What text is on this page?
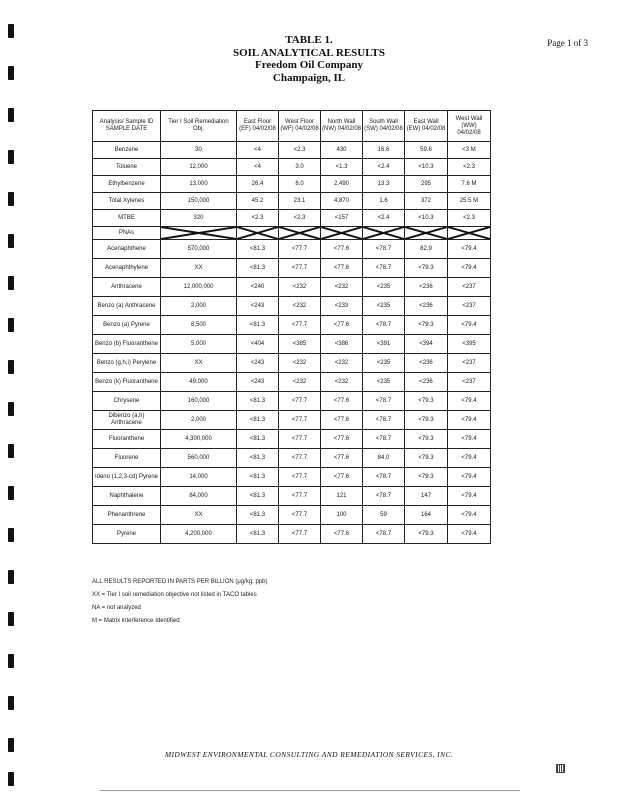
Page 1 of 3
TABLE 1.
SOIL ANALYTICAL RESULTS
Freedom Oil Company
Champaign, IL
Analysis/ Sample ID SAMPLE DATE	Tier I Soil Remediation Obj.	East Floor (EF) 04/02/08	West Floor (WF) 04/02/08	North Wall (NW) 04/02/08	South Wall (SW) 04/02/08	East Wall (EW) 04/02/08	West Wall (WW) 04/02/08
Benzene	30	<4	<2.3	430	16.6	59.6	<3 M
Toluene	12,000	<4	3.0	<1.3	<2.4	<10.3	<2.3
Ethylbenzene	13,000	26.4	8.0	2,490	13.3	295	7.6 M
Total Xylenes	150,000	45.2	23.1	4,870	1.6	372	25.5 M
MTBE	320	<2.3	<2.3	<157	<2.4	<10.3	<2.3
PNAs	

Acenaphthene	570,000	<81.3	<77.7	<77.6	<78.7	82.9	<79.4
Acenaphthylene	XX	<81.3	<77.7	<77.6	<78.7	<79.3	<79.4
Anthracene	12,000,000	<240	<232	<232	<235	<236	<237
Benzo (a) Anthracene	2,000	<243	<232	<233	<235	<236	<237
Benzo (a) Pyrene	8,500	<81.3	<77.7	<77.6	<78.7	<79.3	<79.4
Benzo (b) Fluoranthene	5,000	<404	<385	<386	<391	<394	<395
Benzo (g,h,i) Perylene	XX	<243	<232	<232	<235	<236	<237
Benzo (k) Fluoranthene	49,000	<243	<232	<232	<235	<236	<237
Chrysene	160,000	<81.3	<77.7	<77.6	<78.7	<79.3	<79.4
Dibenzo (a,h) Anthracene	2,000	<81.3	<77.7	<77.6	<78.7	<79.3	<79.4
Fluoranthene	4,300,000	<81.3	<77.7	<77.6	<78.7	<79.3	<79.4
Fluorene	560,000	<81.3	<77.7	<77.6	84.0	<79.3	<79.4
Ideno (1,2,3-cd) Pyrene	14,000	<81.3	<77.7	<77.6	<78.7	<79.3	<79.4
Naphthalene	84,000	<81.3	<77.7	121	<78.7	147	<79.4
Phenanthrene	XX	<81.3	<77.7	100	59	164	<79.4
Pyrene	4,200,000	<81.3	<77.7	<77.6	<78.7	<79.3	<79.4
ALL RESULTS REPORTED IN PARTS PER BILLION (μg/kg; ppb)
XX = Tier I soil remediation objective not listed in TACO tables
NA = not analyzed
M = Matrix interference Identified
MIDWEST ENVIRONMENTAL CONSULTING AND REMEDIATION SERVICES, INC.
